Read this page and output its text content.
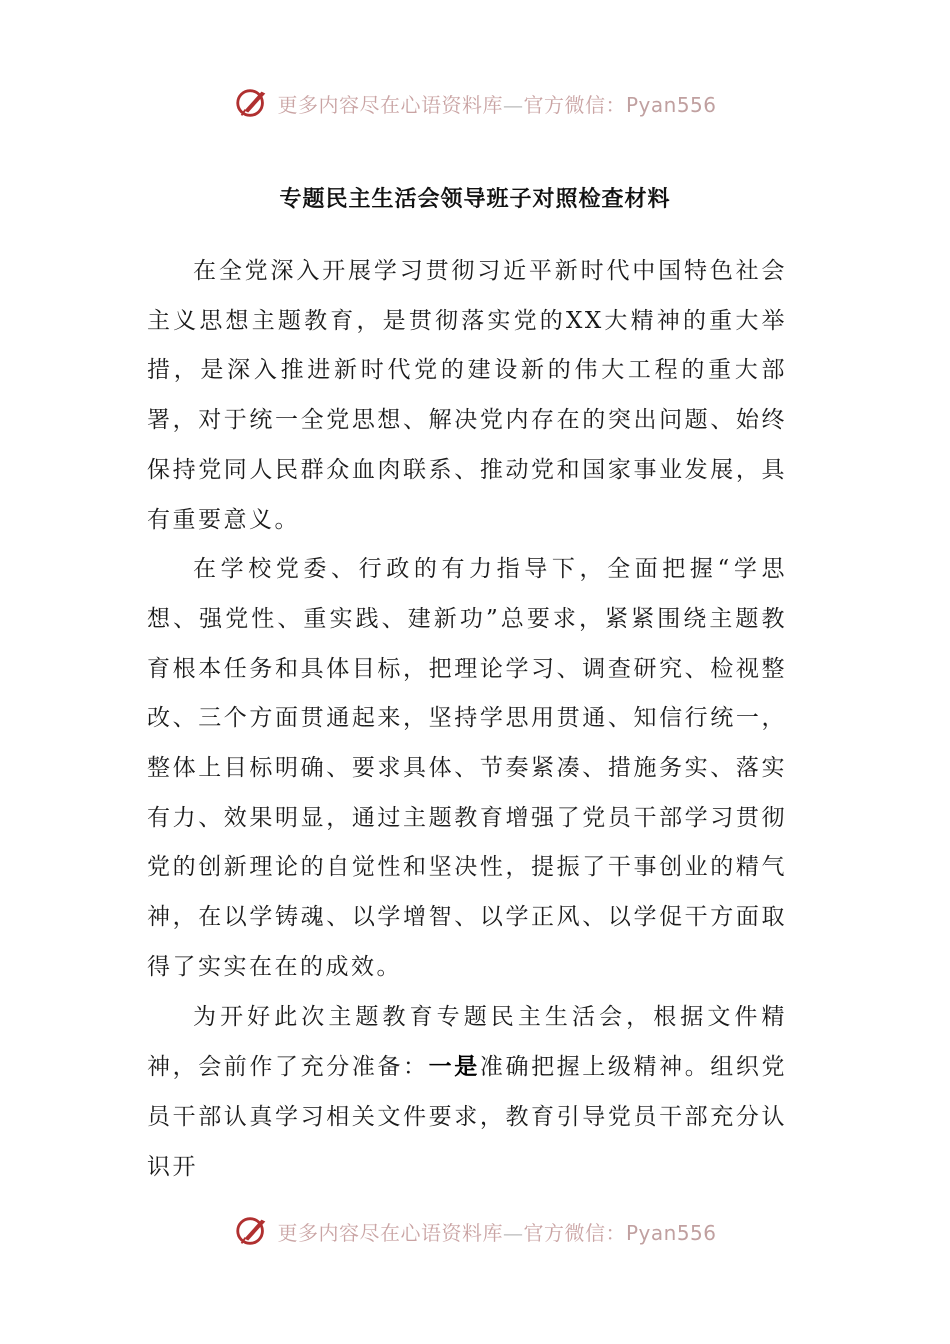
更多内容尽在心语资料库—官方微信：Pyan556
专题民主生活会领导班子对照检查材料

在全党深入开展学习贯彻习近平新时代中国特色社会主义思想主题教育，是贯彻落实党的XX大精神的重大举措，是深入推进新时代党的建设新的伟大工程的重大部署，对于统一全党思想、解决党内存在的突出问题、始终保持党同人民群众血肉联系、推动党和国家事业发展，具有重要意义。

在学校党委、行政的有力指导下，全面把握“学思想、强党性、重实践、建新功”总要求，紧紧围绕主题教育根本任务和具体目标，把理论学习、调查研究、检视整改、三个方面贯通起来，坚持学思用贯通、知信行统一，整体上目标明确、要求具体、节奏紧凑、措施务实、落实有力、效果明显，通过主题教育增强了党员干部学习贯彻党的创新理论的自觉性和坚决性，提振了干事创业的精气神，在以学铸魂、以学增智、以学正风、以学促干方面取得了实实在在的成效。

为开好此次主题教育专题民主生活会，根据文件精神，会前作了充分准备：一是准确把握上级精神。组织党员干部认真学习相关文件要求，教育引导党员干部充分认识开

更多内容尽在心语资料库—官方微信：Pyan556
